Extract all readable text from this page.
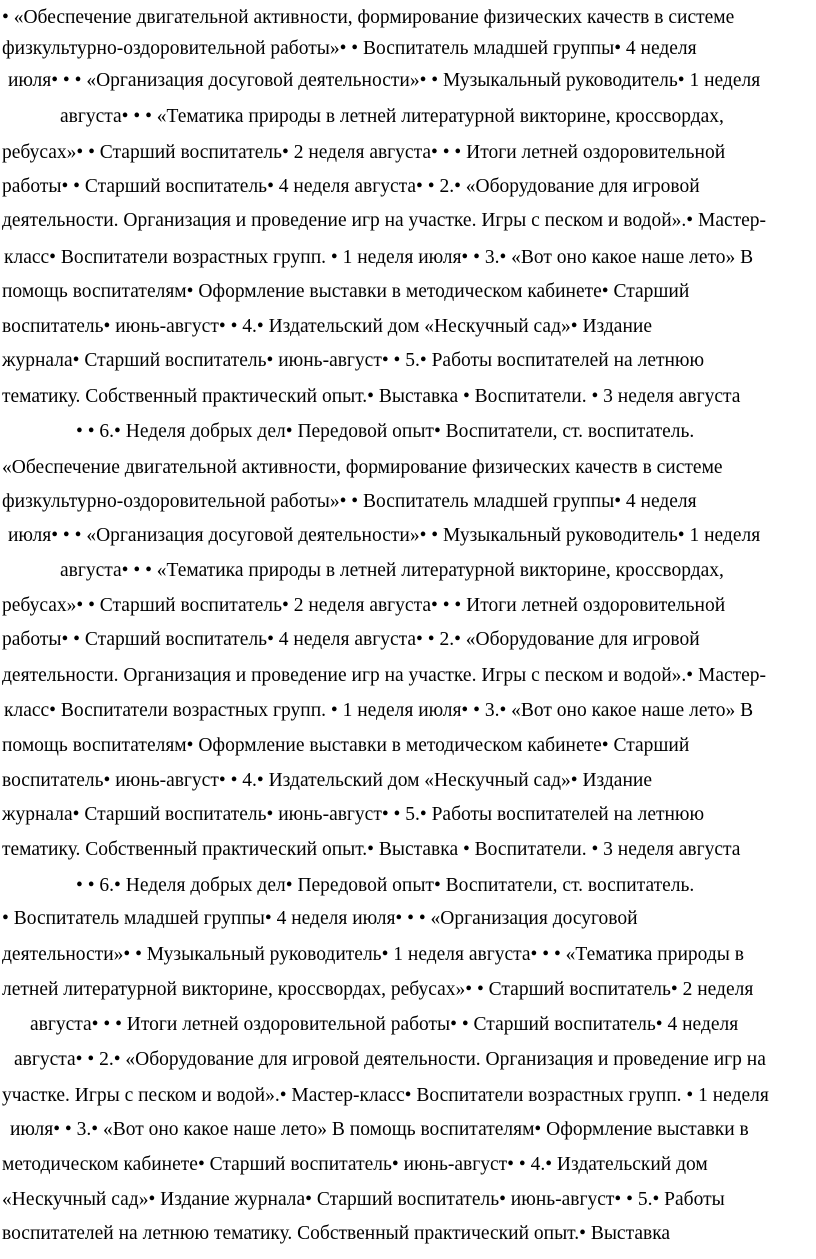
• «Обеспечение двигательной активности, формирование физических качеств в системе
физкультурно-оздоровительной работы»• • Воспитатель младшей группы• 4 неделя
июля• • • «Организация досуговой деятельности»• • Музыкальный руководитель• 1 неделя
августа• • • «Тематика природы в летней литературной викторине, кроссвордах,
ребусах»• • Старший воспитатель• 2 неделя августа• • • Итоги летней оздоровительной
работы• • Старший воспитатель• 4 неделя августа• • 2.• «Оборудование для игровой
деятельности. Организация и проведение игр на участке. Игры с песком и водой».• Мастер-
класс• Воспитатели возрастных групп. • 1 неделя июля• • 3.• «Вот оно какое наше лето» В
помощь воспитателям• Оформление выставки в методическом кабинете• Старший
воспитатель• июнь-август• • 4.• Издательский дом «Нескучный сад»• Издание
журнала• Старший воспитатель• июнь-август• • 5.• Работы воспитателей на летнюю
тематику. Собственный практический опыт.• Выставка • Воспитатели. • 3 неделя августа
• • 6.• Неделя добрых дел• Передовой опыт• Воспитатели, ст. воспитатель.
«Обеспечение двигательной активности, формирование физических качеств в системе
физкультурно-оздоровительной работы»• • Воспитатель младшей группы• 4 неделя
июля• • • «Организация досуговой деятельности»• • Музыкальный руководитель• 1 неделя
августа• • • «Тематика природы в летней литературной викторине, кроссвордах,
ребусах»• • Старший воспитатель• 2 неделя августа• • • Итоги летней оздоровительной
работы• • Старший воспитатель• 4 неделя августа• • 2.• «Оборудование для игровой
деятельности. Организация и проведение игр на участке. Игры с песком и водой».• Мастер-
класс• Воспитатели возрастных групп. • 1 неделя июля• • 3.• «Вот оно какое наше лето» В
помощь воспитателям• Оформление выставки в методическом кабинете• Старший
воспитатель• июнь-август• • 4.• Издательский дом «Нескучный сад»• Издание
журнала• Старший воспитатель• июнь-август• • 5.• Работы воспитателей на летнюю
тематику. Собственный практический опыт.• Выставка • Воспитатели. • 3 неделя августа
• • 6.• Неделя добрых дел• Передовой опыт• Воспитатели, ст. воспитатель.
• Воспитатель младшей группы• 4 неделя июля• • • «Организация досуговой
деятельности»• • Музыкальный руководитель• 1 неделя августа• • • «Тематика природы в
летней литературной викторине, кроссвордах, ребусах»• • Старший воспитатель• 2 неделя
августа• • • Итоги летней оздоровительной работы• • Старший воспитатель• 4 неделя
августа• • 2.• «Оборудование для игровой деятельности. Организация и проведение игр на
участке. Игры с песком и водой».• Мастер-класс• Воспитатели возрастных групп. • 1 неделя
июля• • 3.• «Вот оно какое наше лето» В помощь воспитателям• Оформление выставки в
методическом кабинете• Старший воспитатель• июнь-август• • 4.• Издательский дом
«Нескучный сад»• Издание журнала• Старший воспитатель• июнь-август• • 5.• Работы
воспитателей на летнюю тематику. Собственный практический опыт.• Выставка
